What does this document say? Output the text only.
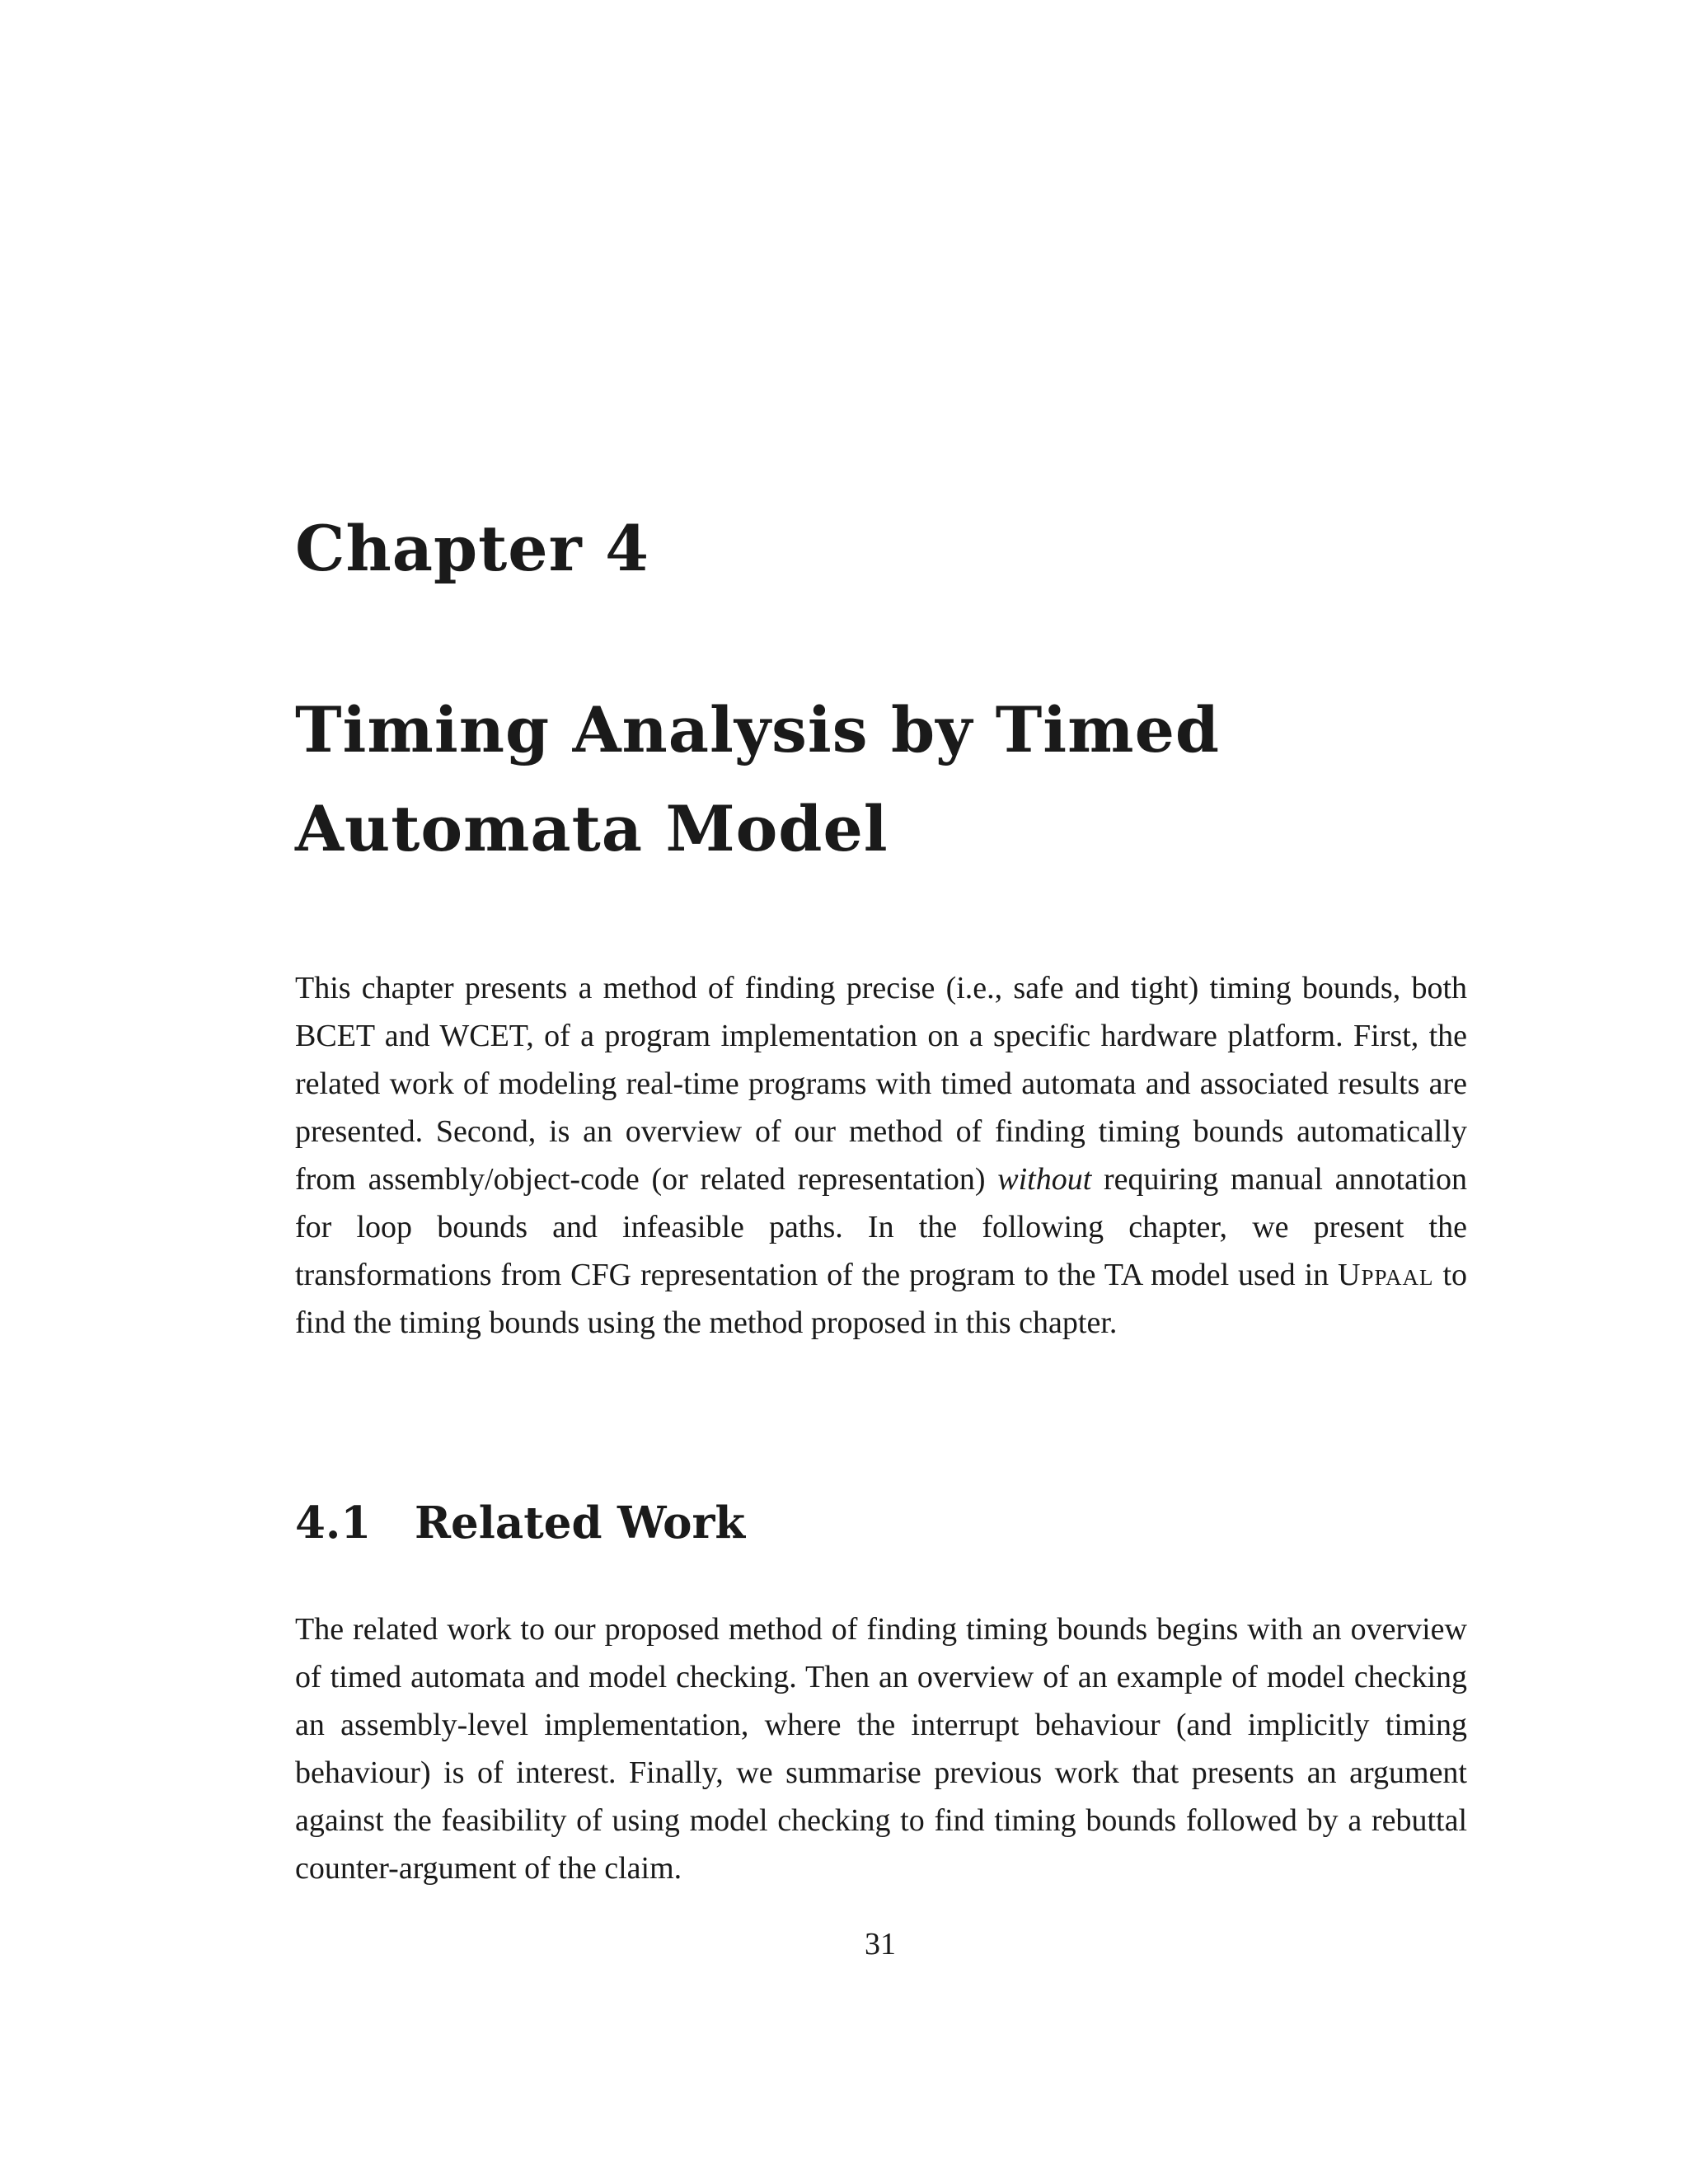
Chapter 4
Timing Analysis by Timed
Automata Model

This chapter presents a method of finding precise (i.e., safe and tight) timing bounds, both BCET and WCET, of a program implementation on a specific hardware platform. First, the related work of modeling real-time programs with timed automata and associated results are presented. Second, is an overview of our method of finding timing bounds automatically from assembly/object-code (or related representation) without requiring manual annotation for loop bounds and infeasible paths. In the following chapter, we present the transformations from CFG representation of the program to the TA model used in Uppaal to find the timing bounds using the method proposed in this chapter.

4.1 Related Work

The related work to our proposed method of finding timing bounds begins with an overview of timed automata and model checking. Then an overview of an example of model checking an assembly-level implementation, where the interrupt behaviour (and implicitly timing behaviour) is of interest. Finally, we summarise previous work that presents an argument against the feasibility of using model checking to find timing bounds followed by a rebuttal counter-argument of the claim.

31
